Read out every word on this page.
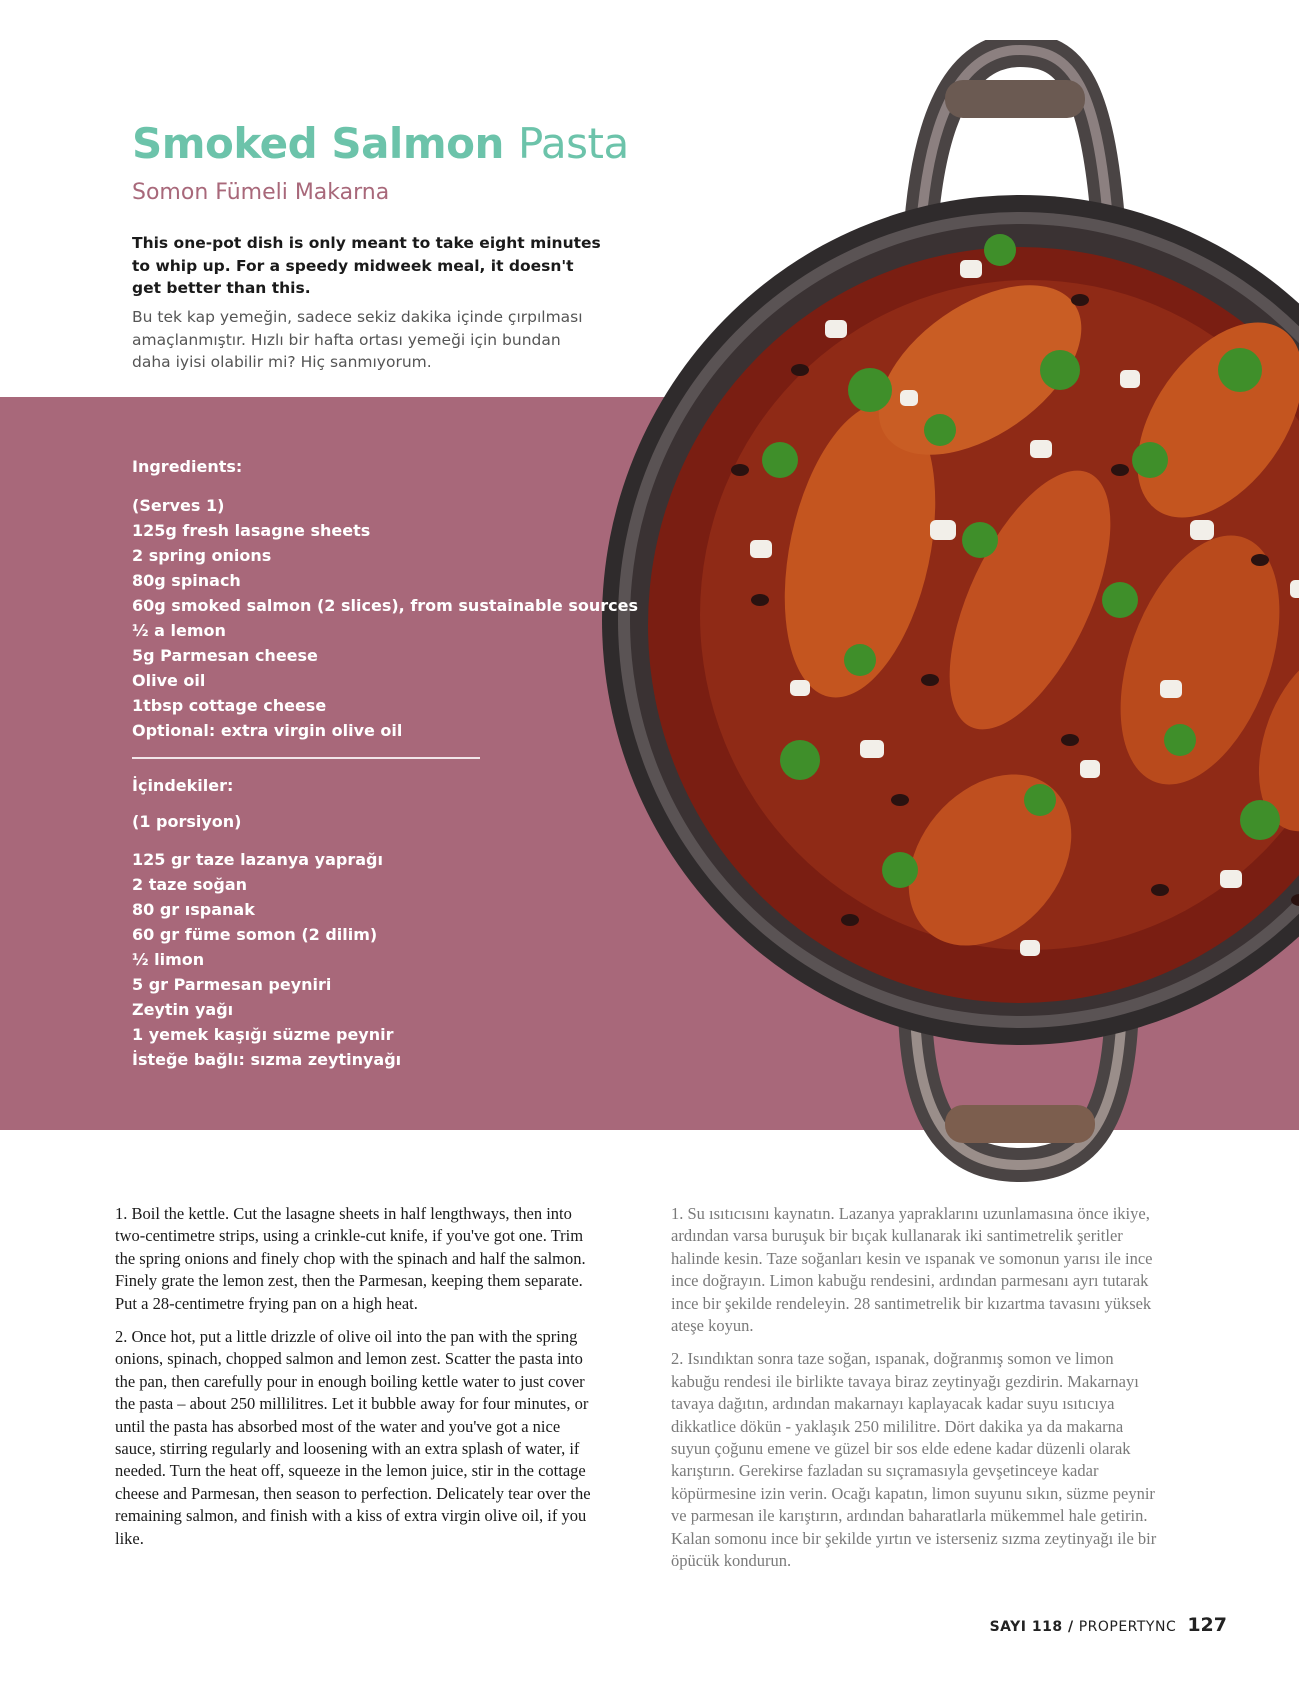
Smoked Salmon Pasta
Somon Fümeli Makarna

This one-pot dish is only meant to take eight minutes to whip up. For a speedy midweek meal, it doesn't get better than this.

Bu tek kap yemeğin, sadece sekiz dakika içinde çırpılması amaçlanmıştır. Hızlı bir hafta ortası yemeği için bundan daha iyisi olabilir mi? Hiç sanmıyorum.

Ingredients:
(Serves 1)
125g fresh lasagne sheets
2 spring onions
80g spinach
60g smoked salmon (2 slices), from sustainable sources
½ a lemon
5g Parmesan cheese
Olive oil
1tbsp cottage cheese
Optional: extra virgin olive oil
İçindekiler:

(1 porsiyon)

125 gr taze lazanya yaprağı
2 taze soğan
80 gr ıspanak
60 gr füme somon (2 dilim)
½ limon
5 gr Parmesan peyniri
Zeytin yağı
1 yemek kaşığı süzme peynir
İsteğe bağlı: sızma zeytinyağı

1. Boil the kettle. Cut the lasagne sheets in half lengthways, then into two-centimetre strips, using a crinkle-cut knife, if you've got one. Trim the spring onions and finely chop with the spinach and half the salmon. Finely grate the lemon zest, then the Parmesan, keeping them separate. Put a 28-centimetre frying pan on a high heat.

2. Once hot, put a little drizzle of olive oil into the pan with the spring onions, spinach, chopped salmon and lemon zest. Scatter the pasta into the pan, then carefully pour in enough boiling kettle water to just cover the pasta – about 250 millilitres. Let it bubble away for four minutes, or until the pasta has absorbed most of the water and you've got a nice sauce, stirring regularly and loosening with an extra splash of water, if needed. Turn the heat off, squeeze in the lemon juice, stir in the cottage cheese and Parmesan, then season to perfection. Delicately tear over the remaining salmon, and finish with a kiss of extra virgin olive oil, if you like.

1. Su ısıtıcısını kaynatın. Lazanya yapraklarını uzunlamasına önce ikiye, ardından varsa buruşuk bir bıçak kullanarak iki santimetrelik şeritler halinde kesin. Taze soğanları kesin ve ıspanak ve somonun yarısı ile ince ince doğrayın. Limon kabuğu rendesini, ardından parmesanı ayrı tutarak ince bir şekilde rendeleyin. 28 santimetrelik bir kızartma tavasını yüksek ateşe koyun.

2. Isındıktan sonra taze soğan, ıspanak, doğranmış somon ve limon kabuğu rendesi ile birlikte tavaya biraz zeytinyağı gezdirin. Makarnayı tavaya dağıtın, ardından makarnayı kaplayacak kadar suyu ısıtıcıya dikkatlice dökün - yaklaşık 250 mililitre. Dört dakika ya da makarna suyun çoğunu emene ve güzel bir sos elde edene kadar düzenli olarak karıştırın. Gerekirse fazladan su sıçramasıyla gevşetinceye kadar köpürmesine izin verin. Ocağı kapatın, limon suyunu sıkın, süzme peynir ve parmesan ile karıştırın, ardından baharatlarla mükemmel hale getirin. Kalan somonu ince bir şekilde yırtın ve isterseniz sızma zeytinyağı ile bir öpücük kondurun.

SAYI 118 / PROPERTYNC 127
